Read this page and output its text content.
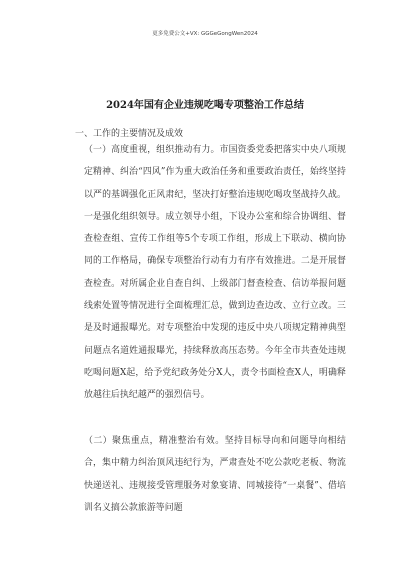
更多免费公文+VX: GGGeGongWen2024
2024年国有企业违规吃喝专项整治工作总结
一、工作的主要情况及成效

（一）高度重视，组织推动有力。市国资委党委把落实中央八项规定精神、纠治“四风”作为重大政治任务和重要政治责任，始终坚持以严的基调强化正风肃纪，坚决打好整治违规吃喝攻坚战持久战。一是强化组织领导。成立领导小组，下设办公室和综合协调组、督查检查组、宣传工作组等5个专项工作组，形成上下联动、横向协同的工作格局，确保专项整治行动有力有序有效推进。二是开展督查检查。对所属企业自查自纠、上级部门督查检查、信访举报问题线索处置等情况进行全面梳理汇总，做到边查边改、立行立改。三是及时通报曝光。对专项整治中发现的违反中央八项规定精神典型问题点名道姓通报曝光，持续释放高压态势。今年全市共查处违规吃喝问题X起，给予党纪政务处分X人，责令书面检查X人，明确释放越往后执纪越严的强烈信号。

（二）聚焦重点，精准整治有效。坚持目标导向和问题导向相结合，集中精力纠治顶风违纪行为，严肃查处不吃公款吃老板、物流快递送礼、违规接受管理服务对象宴请、同城接待“一桌餐”、借培训名义搞公款旅游等问题
